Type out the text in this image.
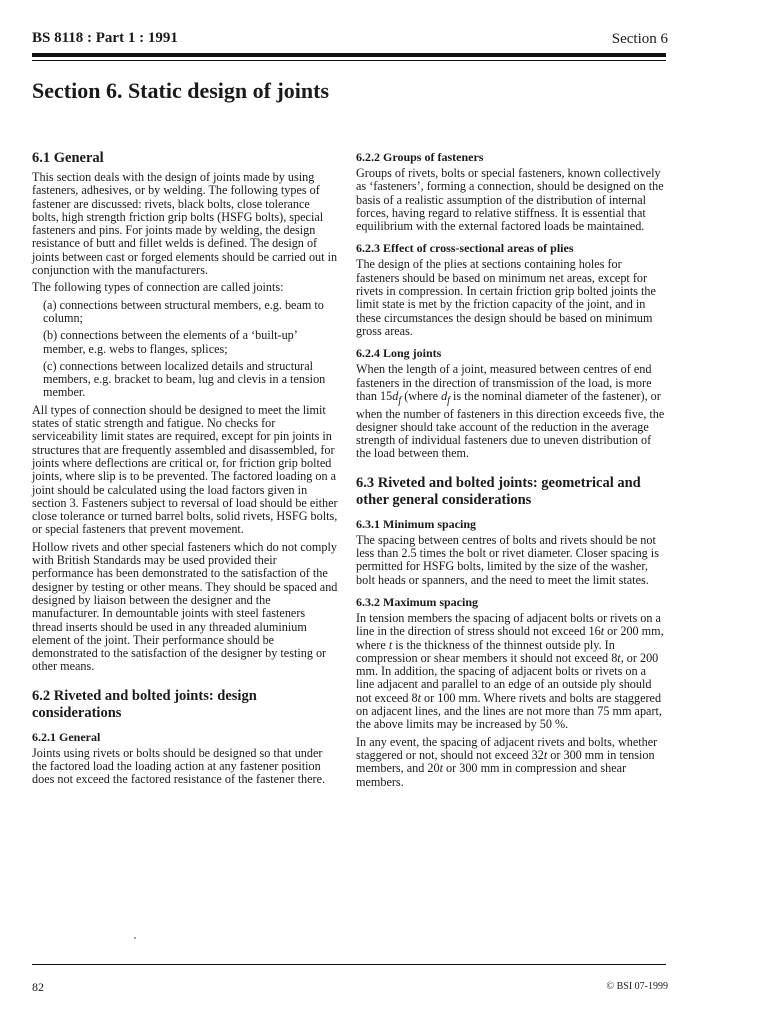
BS 8118 : Part 1 : 1991	Section 6
Section 6. Static design of joints
6.1 General

This section deals with the design of joints made by using fasteners, adhesives, or by welding. The following types of fastener are discussed: rivets, black bolts, close tolerance bolts, high strength friction grip bolts (HSFG bolts), special fasteners and pins. For joints made by welding, the design resistance of butt and fillet welds is defined. The design of joints between cast or forged elements should be carried out in conjunction with the manufacturers.

The following types of connection are called joints:

(a) connections between structural members, e.g. beam to column;

(b) connections between the elements of a ‘built-up’ member, e.g. webs to flanges, splices;

(c) connections between localized details and structural members, e.g. bracket to beam, lug and clevis in a tension member.

All types of connection should be designed to meet the limit states of static strength and fatigue. No checks for serviceability limit states are required, except for pin joints in structures that are frequently assembled and disassembled, for joints where deflections are critical or, for friction grip bolted joints, where slip is to be prevented. The factored loading on a joint should be calculated using the load factors given in section 3. Fasteners subject to reversal of load should be either close tolerance or turned barrel bolts, solid rivets, HSFG bolts, or special fasteners that prevent movement.

Hollow rivets and other special fasteners which do not comply with British Standards may be used provided their performance has been demonstrated to the satisfaction of the designer by testing or other means. They should be spaced and designed by liaison between the designer and the manufacturer. In demountable joints with steel fasteners thread inserts should be used in any threaded aluminium element of the joint. Their performance should be demonstrated to the satisfaction of the designer by testing or other means.

6.2 Riveted and bolted joints: design considerations
6.2.1 General

Joints using rivets or bolts should be designed so that under the factored load the loading action at any fastener position does not exceed the factored resistance of the fastener there.

6.2.2 Groups of fasteners

Groups of rivets, bolts or special fasteners, known collectively as ‘fasteners’, forming a connection, should be designed on the basis of a realistic assumption of the distribution of internal forces, having regard to relative stiffness. It is essential that equilibrium with the external factored loads be maintained.

6.2.3 Effect of cross-sectional areas of plies

The design of the plies at sections containing holes for fasteners should be based on minimum net areas, except for rivets in compression. In certain friction grip bolted joints the limit state is met by the friction capacity of the joint, and in these circumstances the design should be based on minimum gross areas.

6.2.4 Long joints

When the length of a joint, measured between centres of end fasteners in the direction of transmission of the load, is more than $15d_f$ (where $d_f$ is the nominal diameter of the fastener), or when the number of fasteners in this direction exceeds five, the designer should take account of the reduction in the average strength of individual fasteners due to uneven distribution of the load between them.

6.3 Riveted and bolted joints: geometrical and other general considerations
6.3.1 Minimum spacing

The spacing between centres of bolts and rivets should be not less than 2.5 times the bolt or rivet diameter. Closer spacing is permitted for HSFG bolts, limited by the size of the washer, bolt heads or spanners, and the need to meet the limit states.

6.3.2 Maximum spacing

In tension members the spacing of adjacent bolts or rivets on a line in the direction of stress should not exceed 16t or 200 mm, where t is the thickness of the thinnest outside ply. In compression or shear members it should not exceed 8t, or 200 mm. In addition, the spacing of adjacent bolts or rivets on a line adjacent and parallel to an edge of an outside ply should not exceed 8t or 100 mm. Where rivets and bolts are staggered on adjacent lines, and the lines are not more than 75 mm apart, the above limits may be increased by 50 %.

In any event, the spacing of adjacent rivets and bolts, whether staggered or not, should not exceed 32t or 300 mm in tension members, and 20t or 300 mm in compression and shear members.

82	© BSI 07-1999
